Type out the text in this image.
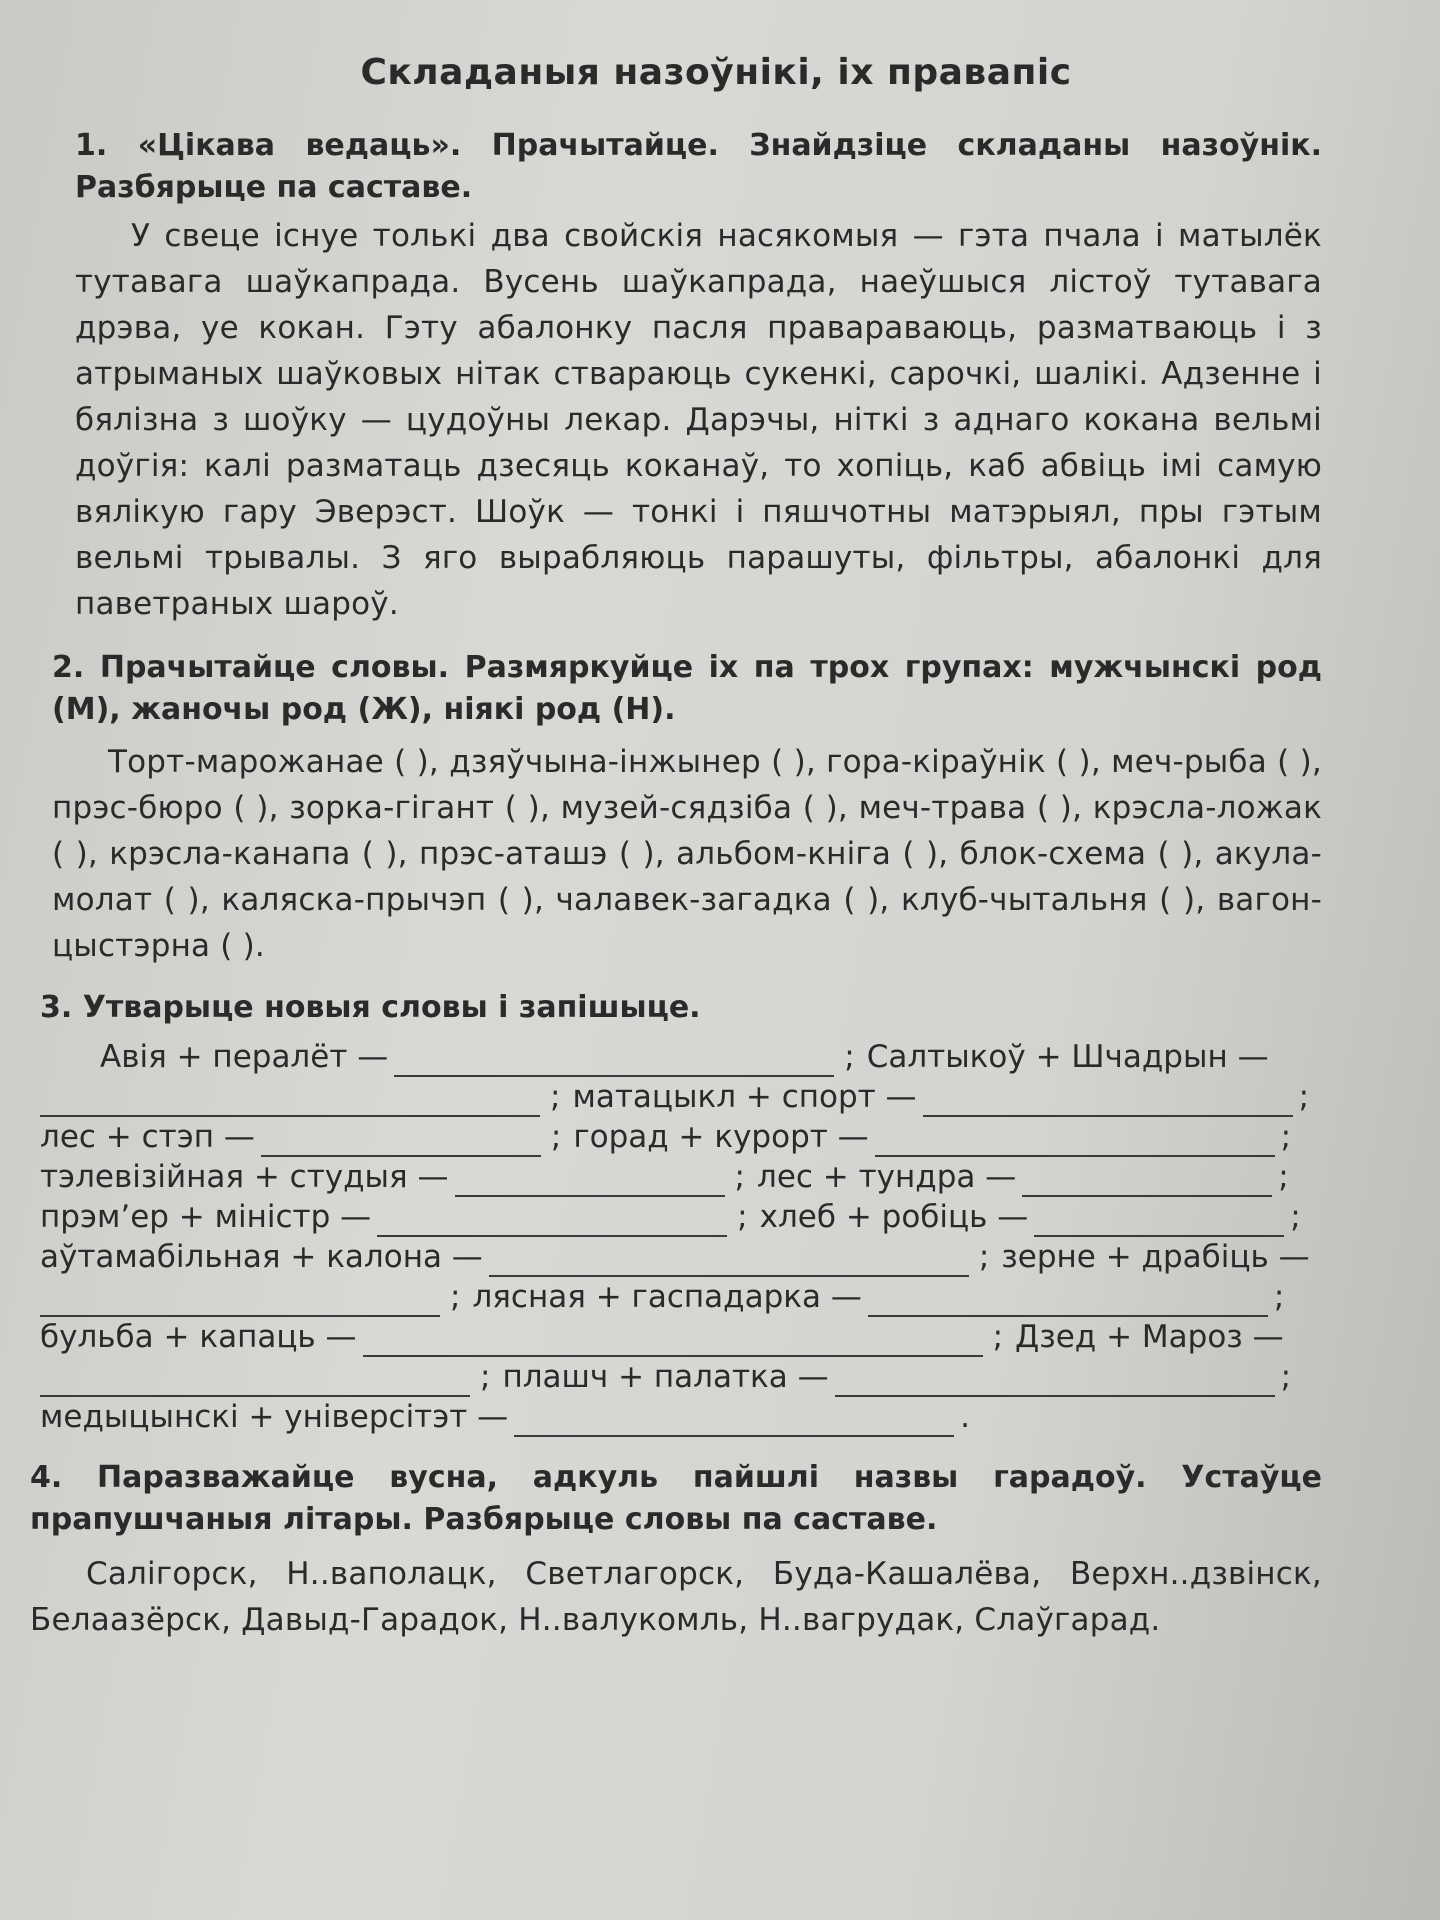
Складаныя назоўнікі, іх правапіс
1. «Цікава ведаць». Прачытайце. Знайдзіце складаны назоўнік. Разбярыце па саставе.
У свеце існуе толькі два свойскія насякомыя — гэта пчала і матылёк тутавага шаўкапрада. Вусень шаўкапрада, наеўшыся лістоў тутавага дрэва, уе кокан. Гэту абалонку пасля правараваюць, разматваюць і з атрыманых шаўковых нітак ствараюць сукенкі, сарочкі, шалікі. Адзенне і бялізна з шоўку — цудоўны лекар. Дарэчы, ніткі з аднаго кокана вельмі доўгія: калі разматаць дзесяць коканаў, то хопіць, каб абвіць імі самую вялікую гару Эверэст. Шоўк — тонкі і пяшчотны матэрыял, пры гэтым вельмі трывалы. З яго вырабляюць парашуты, фільтры, абалонкі для паветраных шароў.
2. Прачытайце словы. Размяркуйце іх па трох групах: мужчынскі род (М), жаночы род (Ж), ніякі род (Н).
Торт-марожанае ( ), дзяўчына-інжынер ( ), гора-кіраўнік ( ), меч-рыба ( ), прэс-бюро ( ), зорка-гігант ( ), музей-сядзіба ( ), меч-трава ( ), крэсла-ложак ( ), крэсла-канапа ( ), прэс-аташэ ( ), альбом-кніга ( ), блок-схема ( ), акула-молат ( ), каляска-прычэп ( ), чалавек-загадка ( ), клуб-чытальня ( ), вагон-цыстэрна ( ).
3. Утварыце новыя словы і запішыце.
Авія + пералёт —	; Салтыкоў + Шчадрын —
; матацыкл + спорт —	;
лес + стэп —	; горад + курорт —	;
тэлевізійная + студыя —	; лес + тундра —	;
прэм’ер + міністр —	; хлеб + робіць —	;
аўтамабільная + калона —	; зерне + драбіць —
; лясная + гаспадарка —	;
бульба + капаць —	; Дзед + Мароз —
; плашч + палатка —	;
медыцынскі + універсітэт —	.
4. Паразважайце вусна, адкуль пайшлі назвы гарадоў. Устаўце прапушчаныя літары. Разбярыце словы па саставе.
Салігорск, Н..ваполацк, Светлагорск, Буда-Кашалёва, Верхн..дзвінск, Белаазёрск, Давыд-Гарадок, Н..валукомль, Н..вагрудак, Слаўгарад.
